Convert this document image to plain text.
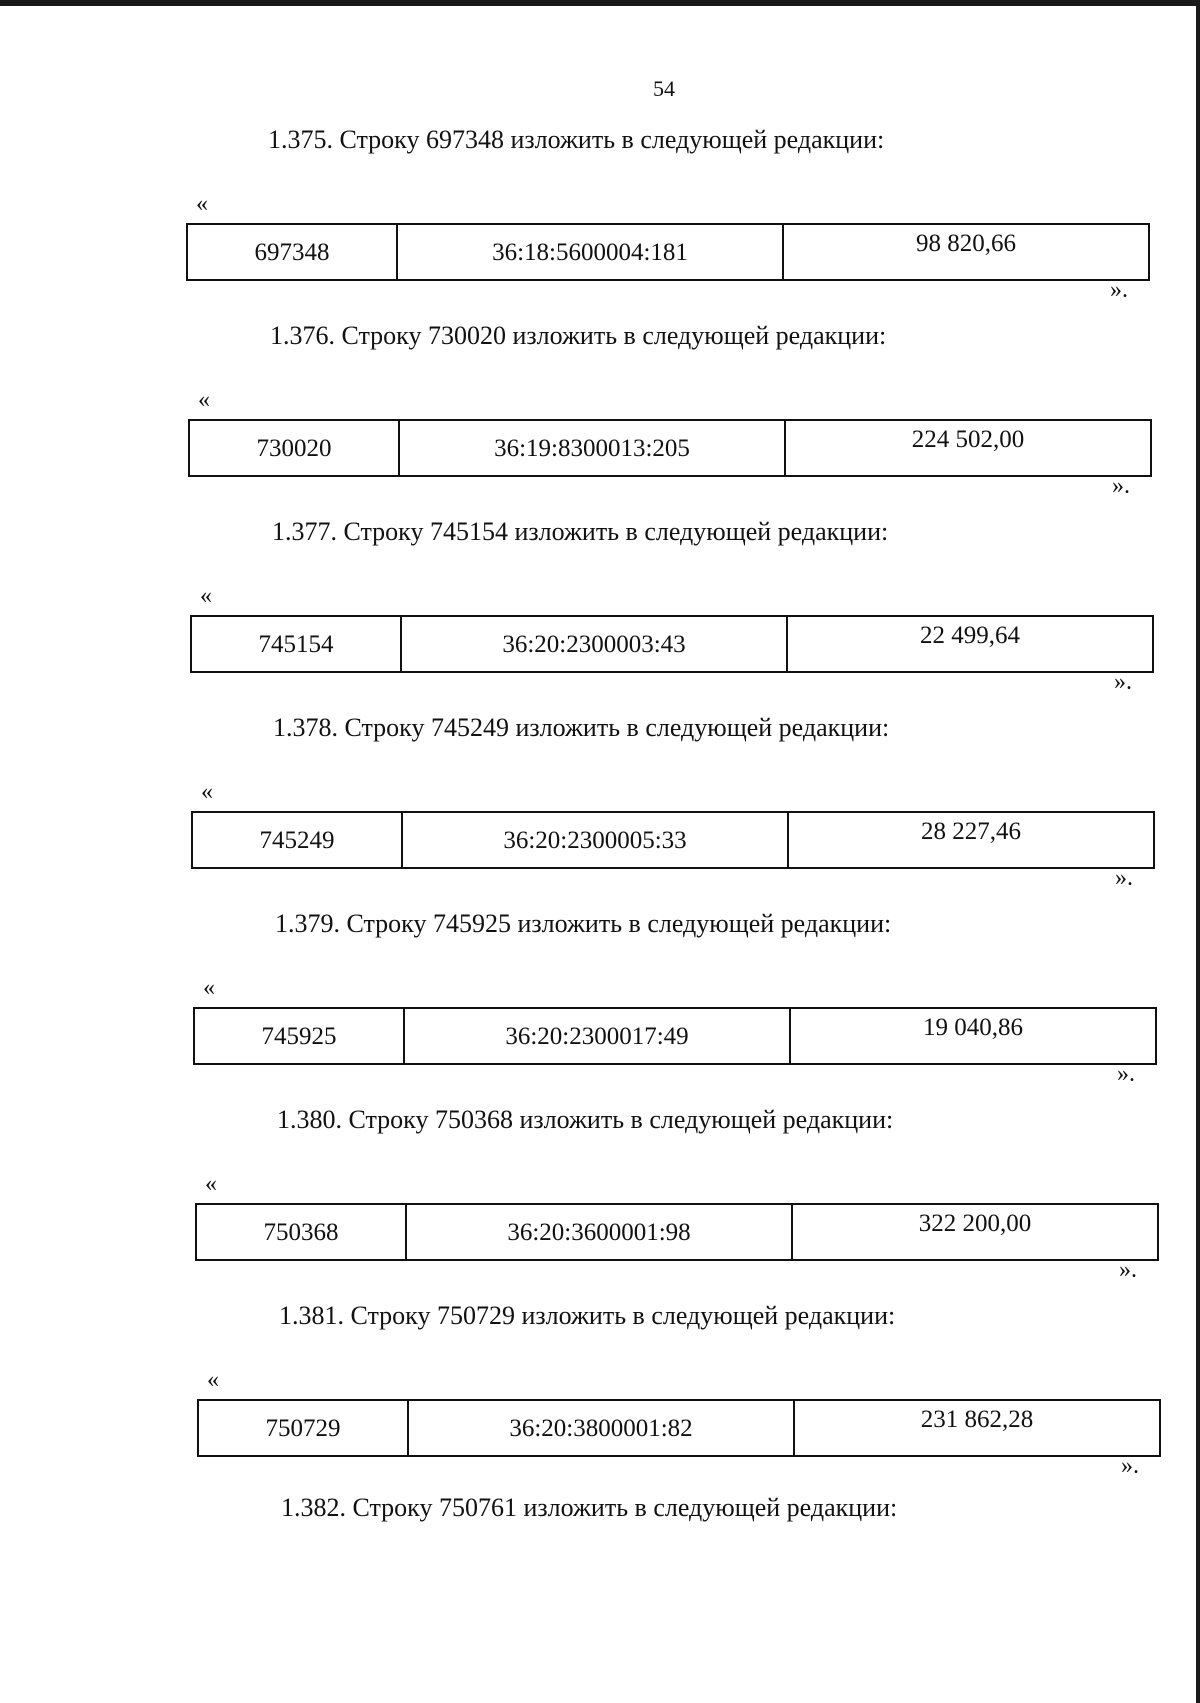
54
1.375. Строку 697348 изложить в следующей редакции:
«
697348	36:18:5600004:181	98 820,66
».
1.376. Строку 730020 изложить в следующей редакции:
«
730020	36:19:8300013:205	224 502,00
».
1.377. Строку 745154 изложить в следующей редакции:
«
745154	36:20:2300003:43	22 499,64
».
1.378. Строку 745249 изложить в следующей редакции:
«
745249	36:20:2300005:33	28 227,46
».
1.379. Строку 745925 изложить в следующей редакции:
«
745925	36:20:2300017:49	19 040,86
».
1.380. Строку 750368 изложить в следующей редакции:
«
750368	36:20:3600001:98	322 200,00
».
1.381. Строку 750729 изложить в следующей редакции:
«
750729	36:20:3800001:82	231 862,28
».
1.382. Строку 750761 изложить в следующей редакции:
